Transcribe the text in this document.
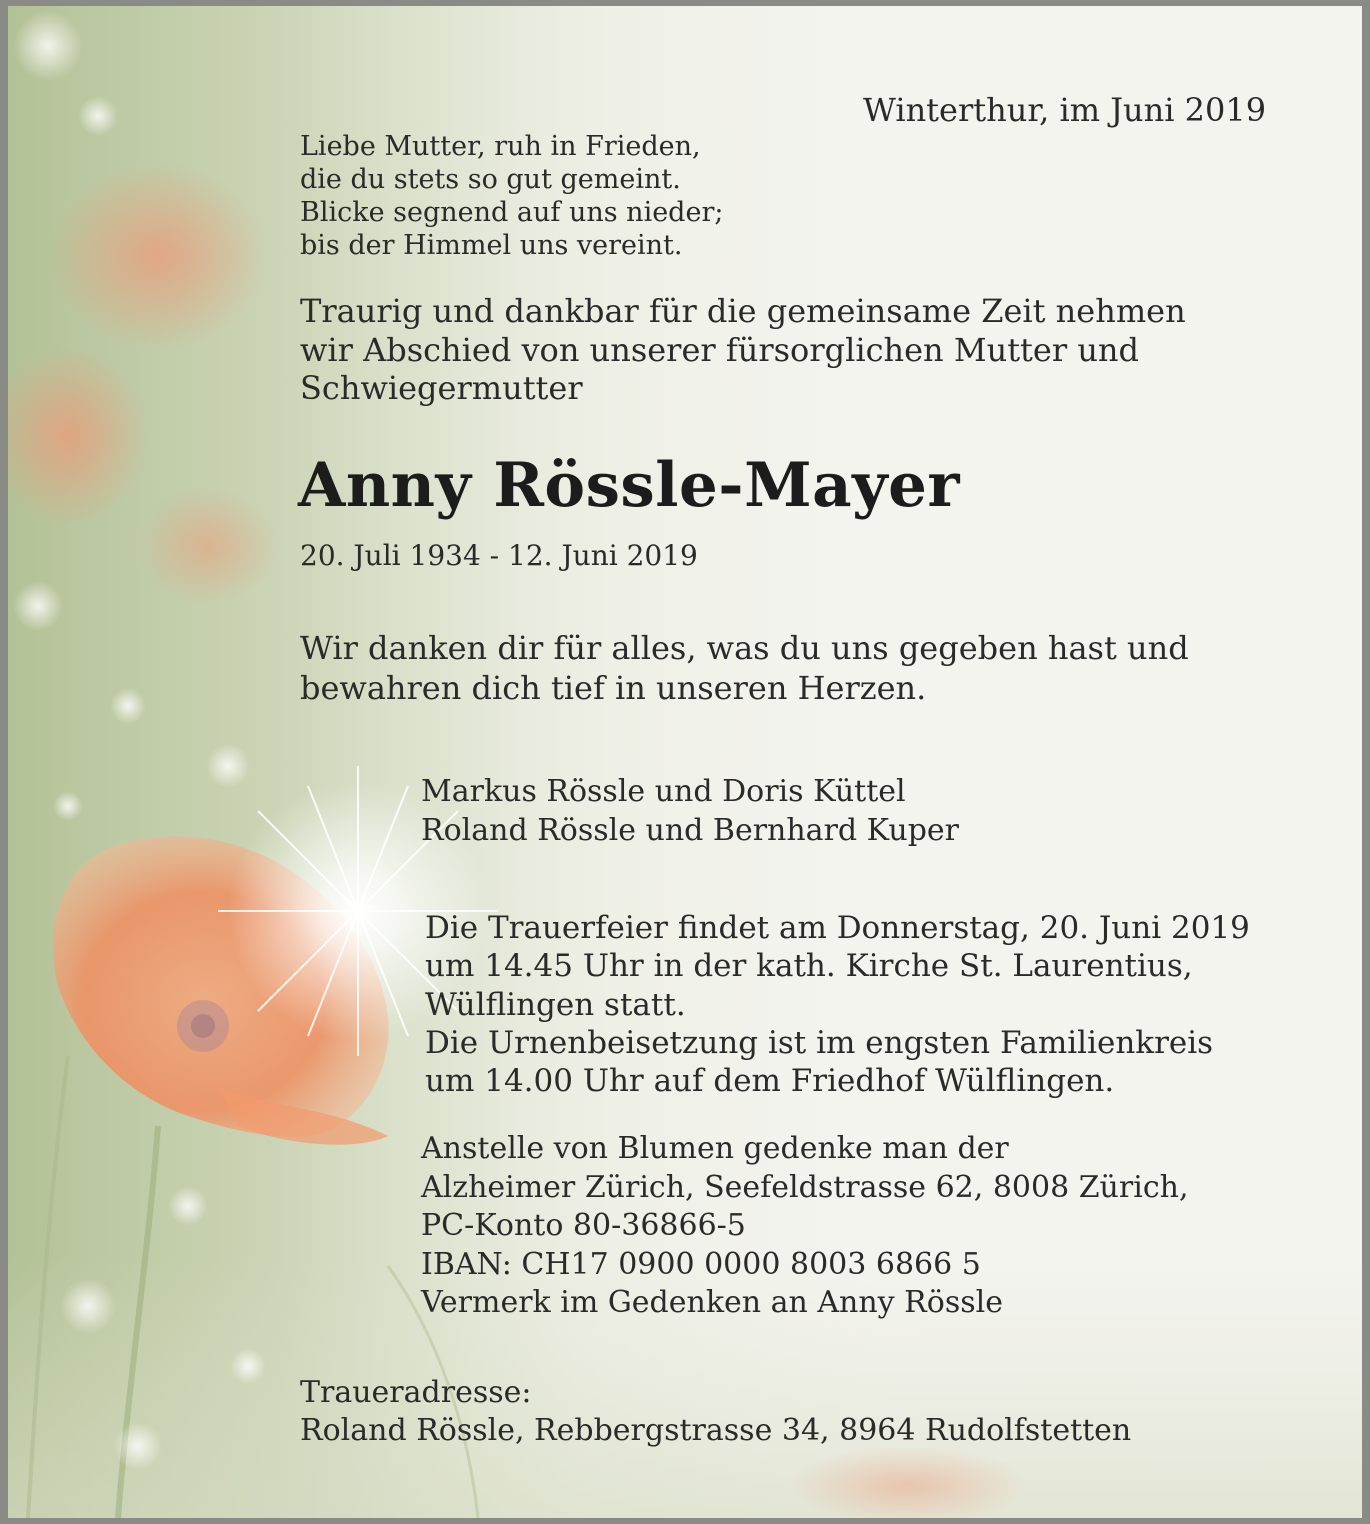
Winterthur, im Juni 2019
Liebe Mutter, ruh in Frieden,
die du stets so gut gemeint.
Blicke segnend auf uns nieder;
bis der Himmel uns vereint.
Traurig und dankbar für die gemeinsame Zeit nehmen
wir Abschied von unserer fürsorglichen Mutter und
Schwiegermutter
Anny Rössle-Mayer
20. Juli 1934 - 12. Juni 2019
Wir danken dir für alles, was du uns gegeben hast und
bewahren dich tief in unseren Herzen.
Markus Rössle und Doris Küttel
Roland Rössle und Bernhard Kuper
Die Trauerfeier findet am Donnerstag, 20. Juni 2019
um 14.45 Uhr in der kath. Kirche St. Laurentius,
Wülflingen statt.
Die Urnenbeisetzung ist im engsten Familienkreis
um 14.00 Uhr auf dem Friedhof Wülflingen.
Anstelle von Blumen gedenke man der
Alzheimer Zürich, Seefeldstrasse 62, 8008 Zürich,
PC-Konto 80-36866-5
IBAN: CH17 0900 0000 8003 6866 5
Vermerk im Gedenken an Anny Rössle
Traueradresse:
Roland Rössle, Rebbergstrasse 34, 8964 Rudolfstetten
